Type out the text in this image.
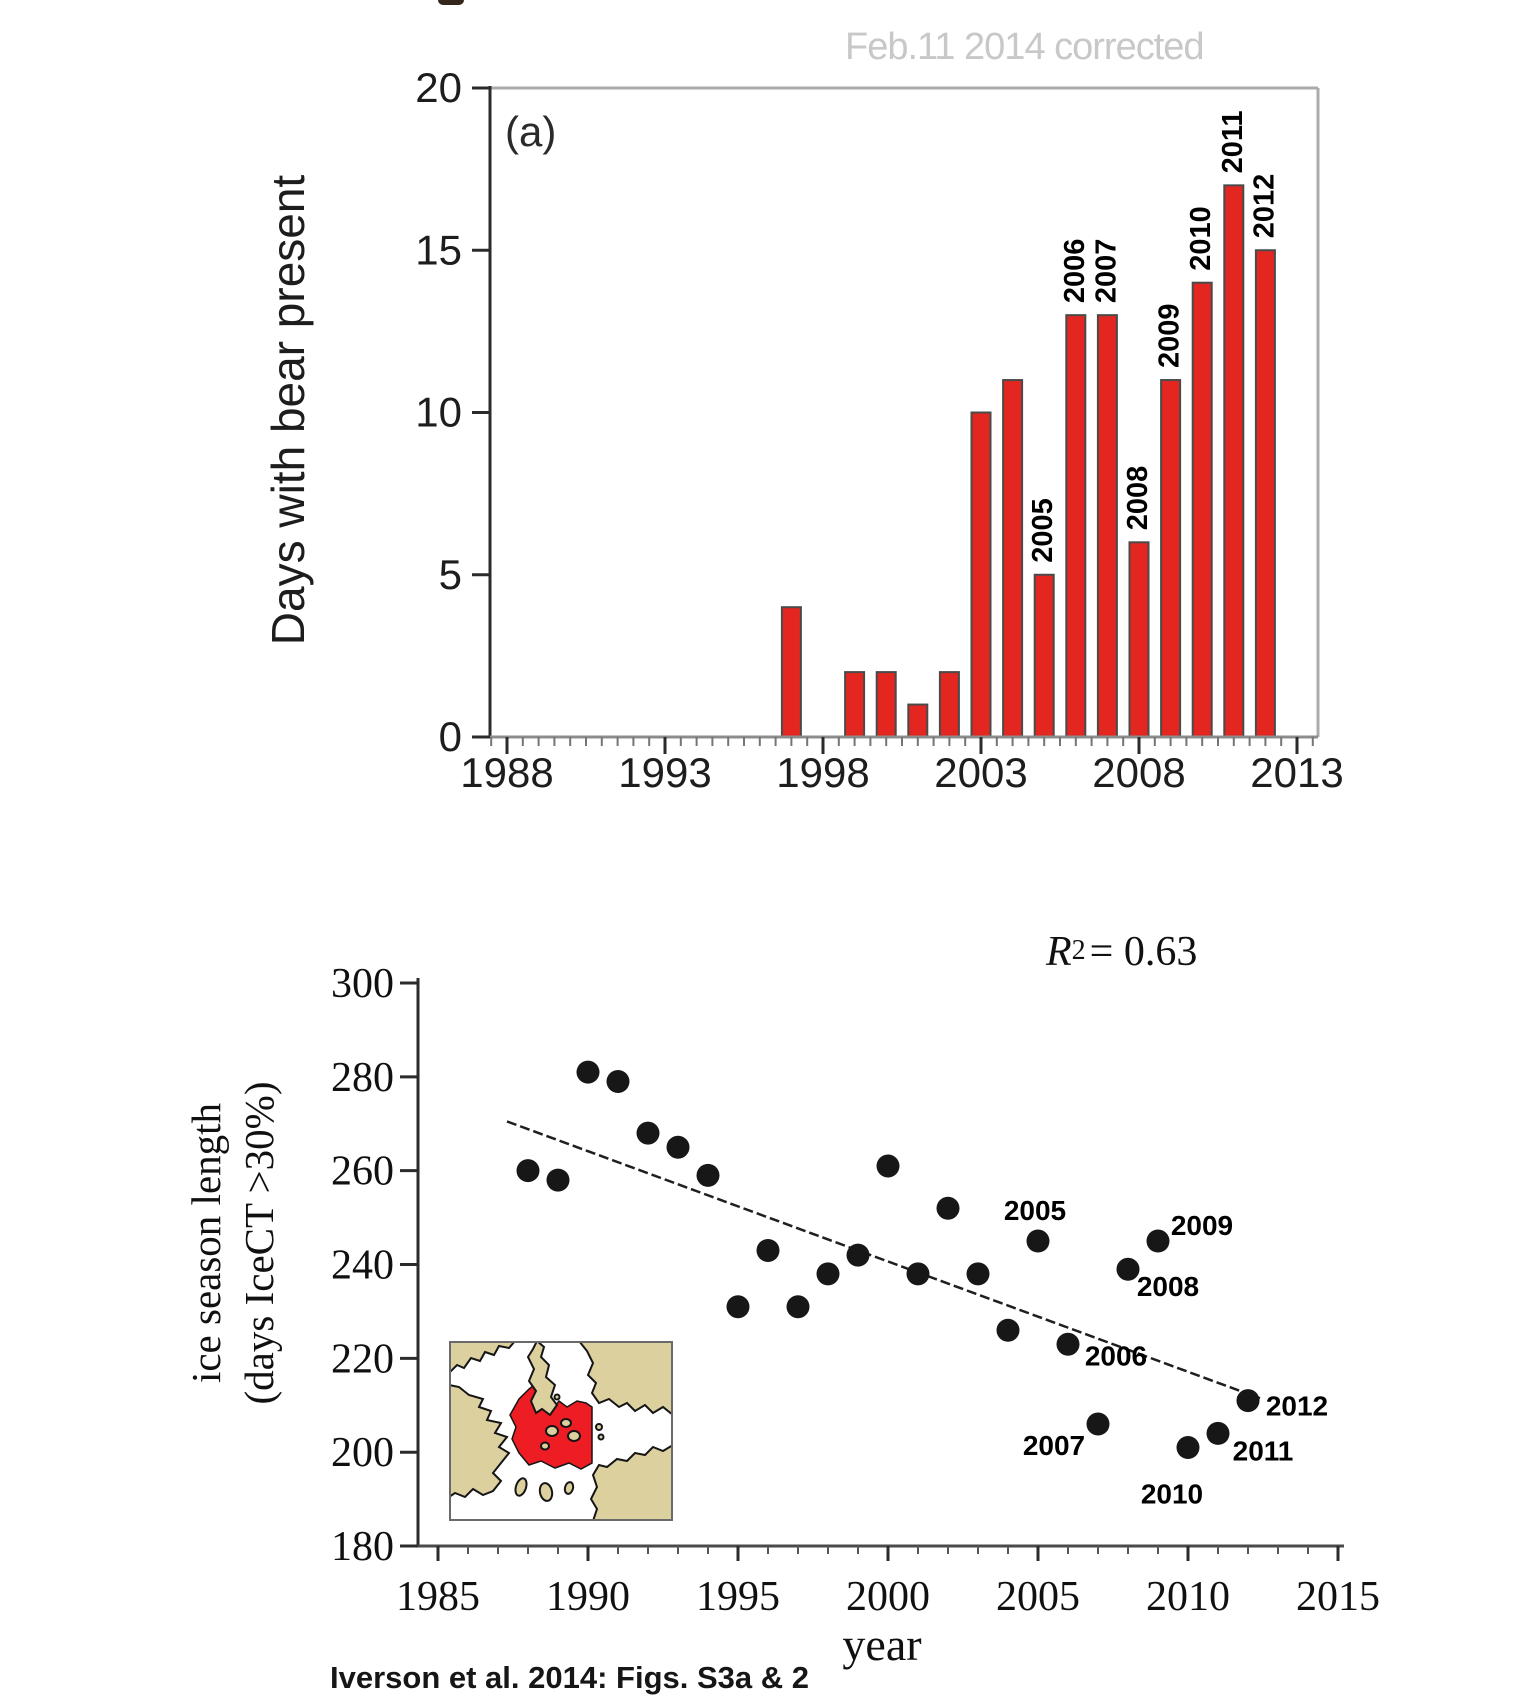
Feb.11 2014 corrected
(a)
Days with bear present
ice season length (days IceCT >30%)
year
$R^2= 0.63$
0
5
10
15
20
2005
2006 2007
2008
2009
2010
2011
2012
1988 1993 1998 2003 2008 2013
180
200
220
240
260
280
300
1985 1990 1995 2000 2005 2010 2015
2005
2006
2007
2008
2009
2010
2011
2012
Iverson et al. 2014: Figs. S3a & 2
